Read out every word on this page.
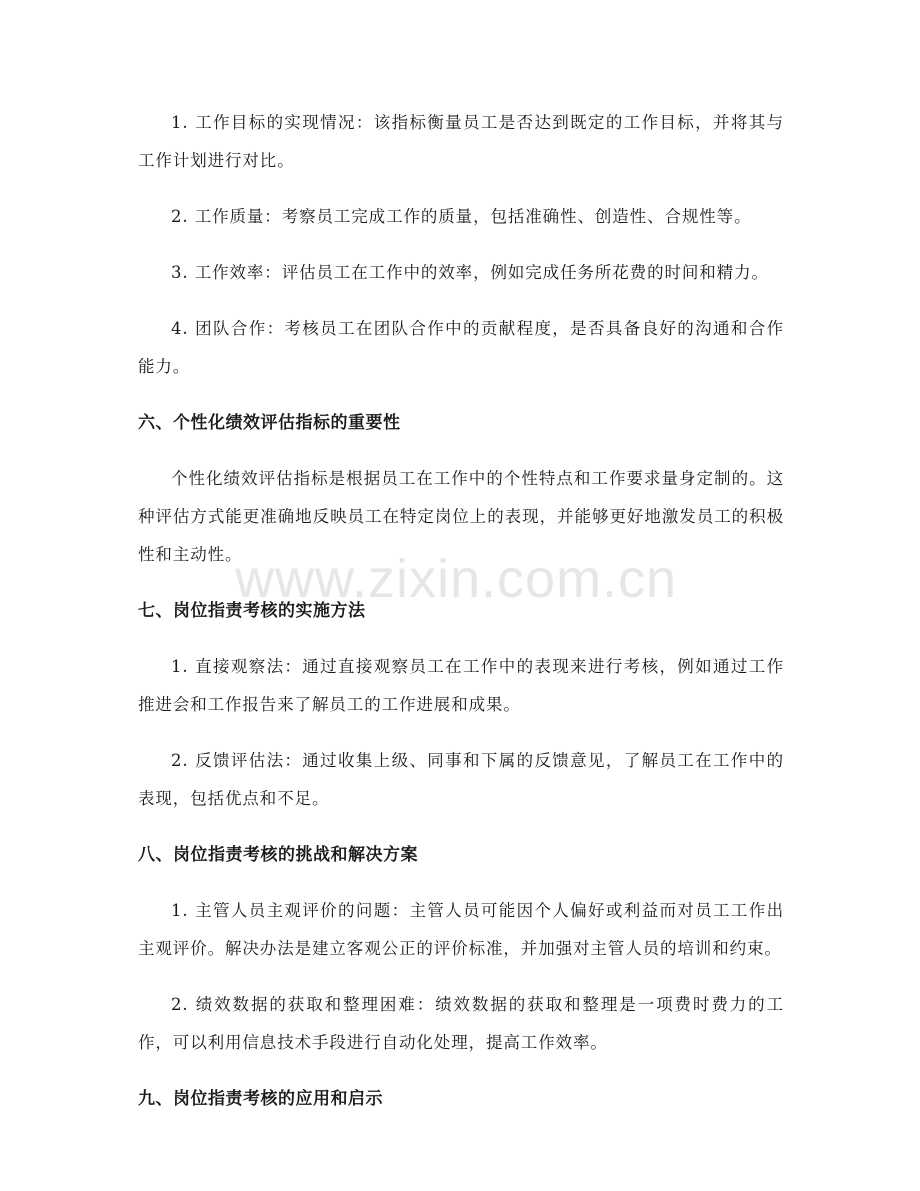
1. 工作目标的实现情况：该指标衡量员工是否达到既定的工作目标，并将其与工作计划进行对比。

2. 工作质量：考察员工完成工作的质量，包括准确性、创造性、合规性等。

3. 工作效率：评估员工在工作中的效率，例如完成任务所花费的时间和精力。

4. 团队合作：考核员工在团队合作中的贡献程度，是否具备良好的沟通和合作能力。

六、个性化绩效评估指标的重要性

个性化绩效评估指标是根据员工在工作中的个性特点和工作要求量身定制的。这种评估方式能更准确地反映员工在特定岗位上的表现，并能够更好地激发员工的积极性和主动性。

七、岗位指责考核的实施方法

1. 直接观察法：通过直接观察员工在工作中的表现来进行考核，例如通过工作推进会和工作报告来了解员工的工作进展和成果。

2. 反馈评估法：通过收集上级、同事和下属的反馈意见，了解员工在工作中的表现，包括优点和不足。

八、岗位指责考核的挑战和解决方案

1. 主管人员主观评价的问题：主管人员可能因个人偏好或利益而对员工工作出主观评价。解决办法是建立客观公正的评价标准，并加强对主管人员的培训和约束。

2. 绩效数据的获取和整理困难：绩效数据的获取和整理是一项费时费力的工作，可以利用信息技术手段进行自动化处理，提高工作效率。

九、岗位指责考核的应用和启示
www.zixin.com.cn
